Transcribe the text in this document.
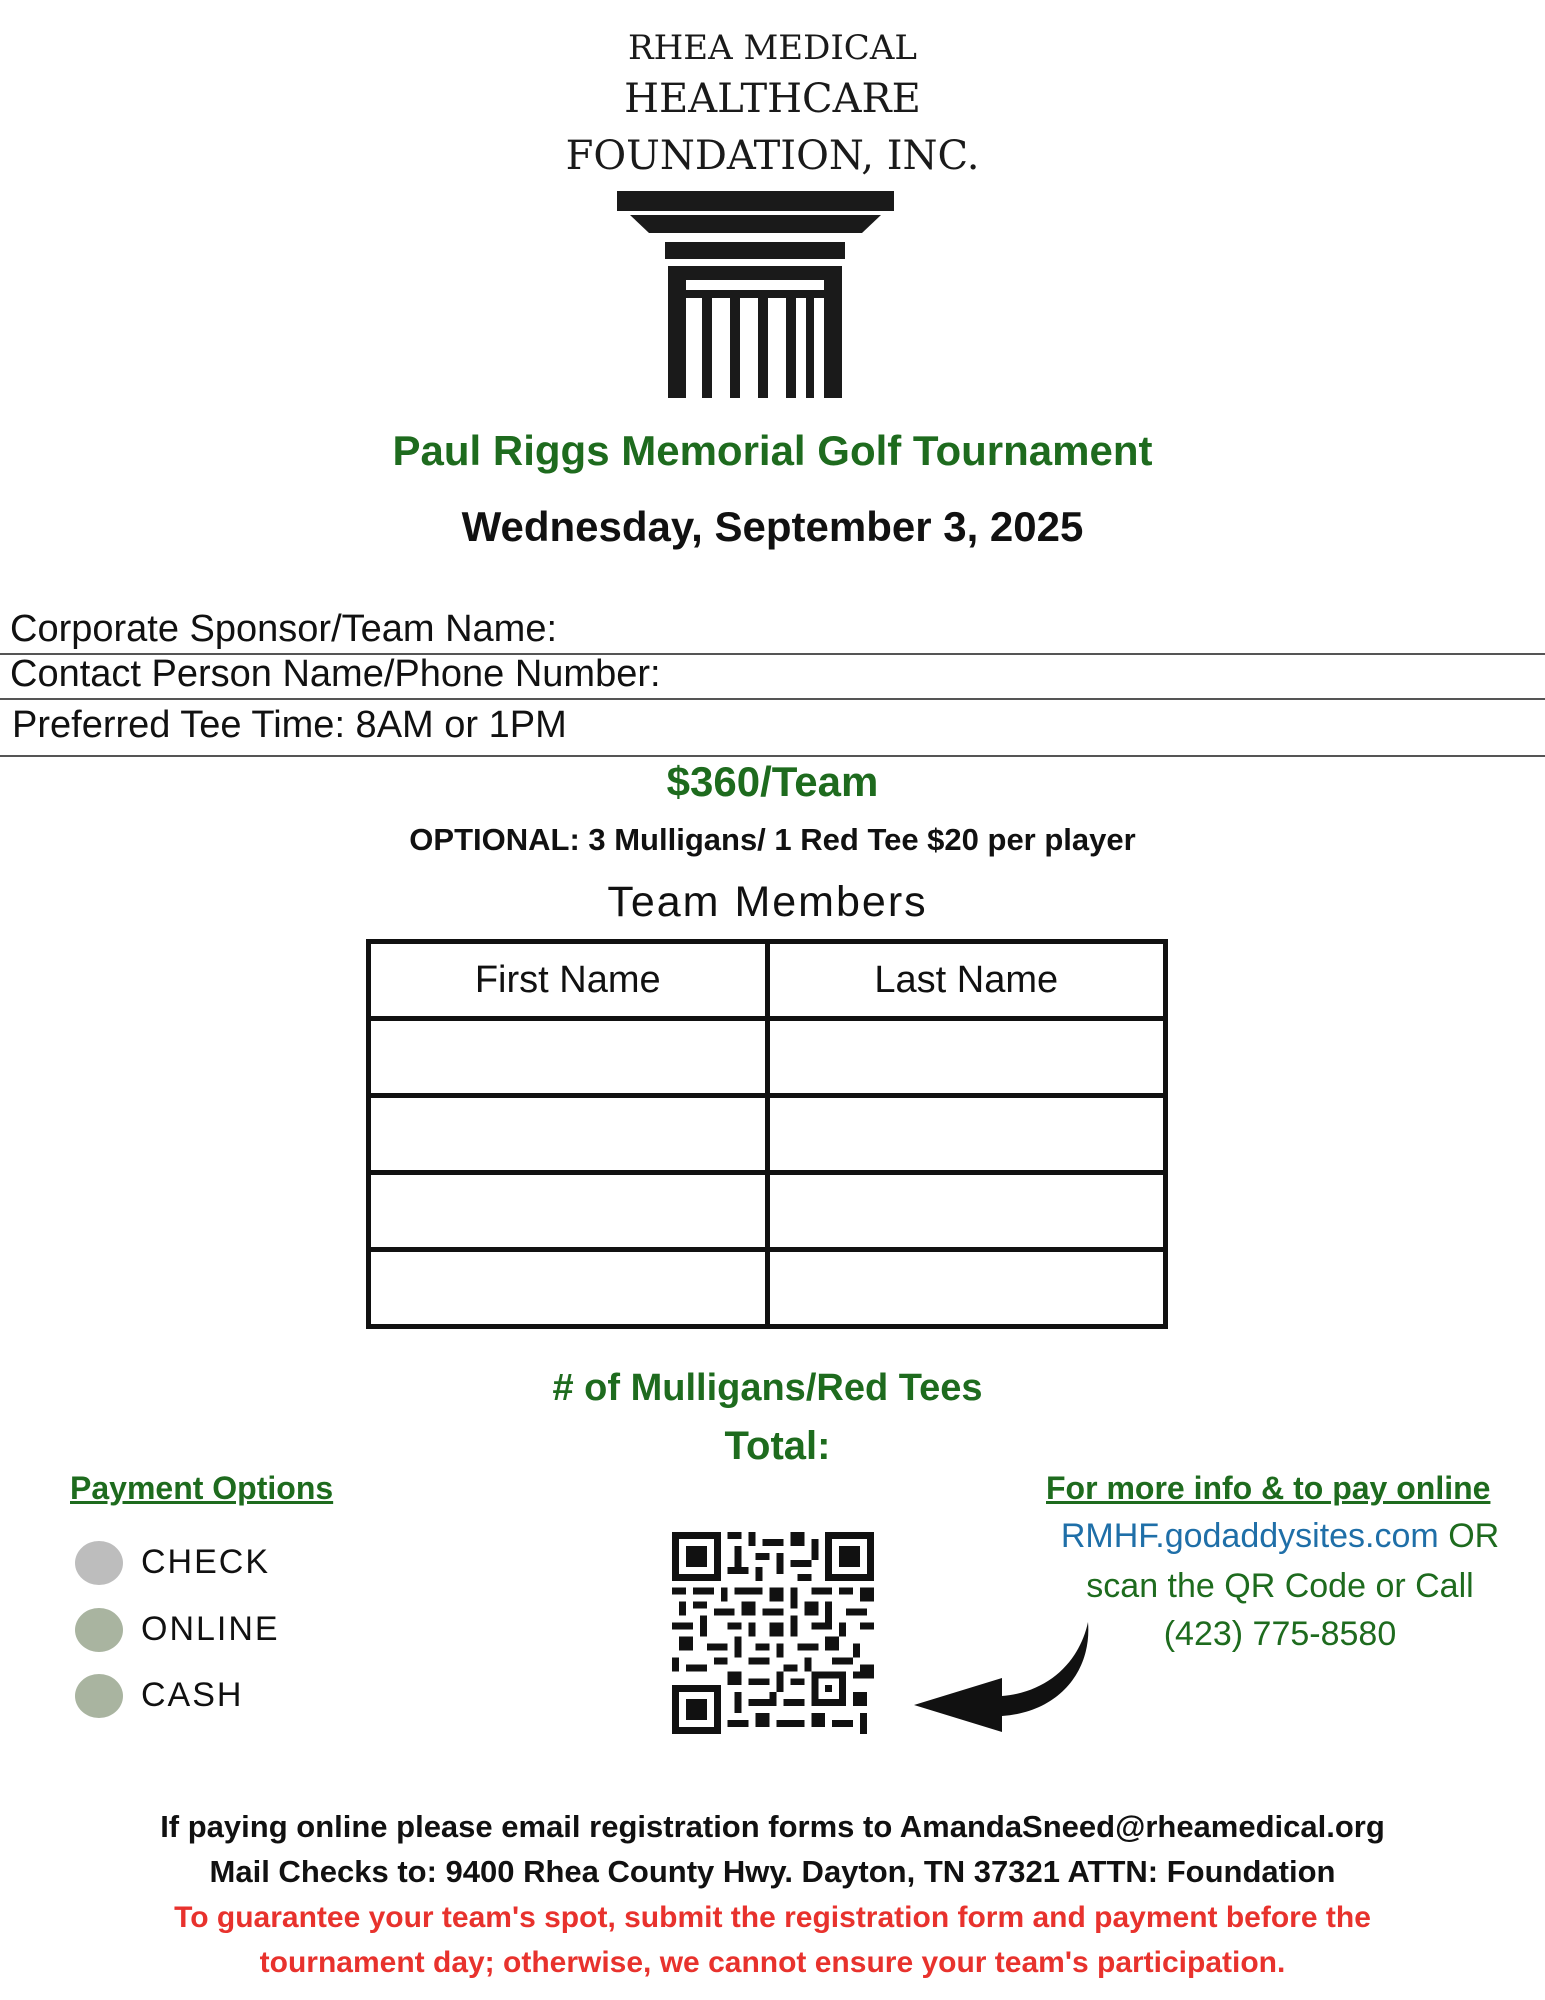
RHEA MEDICAL
HEALTHCARE
FOUNDATION, INC.
Paul Riggs Memorial Golf Tournament
Wednesday, September 3, 2025
Corporate Sponsor/Team Name:
Contact Person Name/Phone Number:
Preferred Tee Time: 8AM or 1PM
$360/Team
OPTIONAL: 3 Mulligans/ 1 Red Tee $20 per player
Team Members
First Name	Last Name

# of Mulligans/Red Tees
Total:
Payment Options
CHECK
ONLINE
CASH
For more info & to pay online
RMHF.godaddysites.com OR
scan the QR Code or Call
(423) 775-8580
If paying online please email registration forms to AmandaSneed@rheamedical.org
Mail Checks to: 9400 Rhea County Hwy. Dayton, TN 37321 ATTN: Foundation
To guarantee your team's spot, submit the registration form and payment before the
tournament day; otherwise, we cannot ensure your team's participation.
